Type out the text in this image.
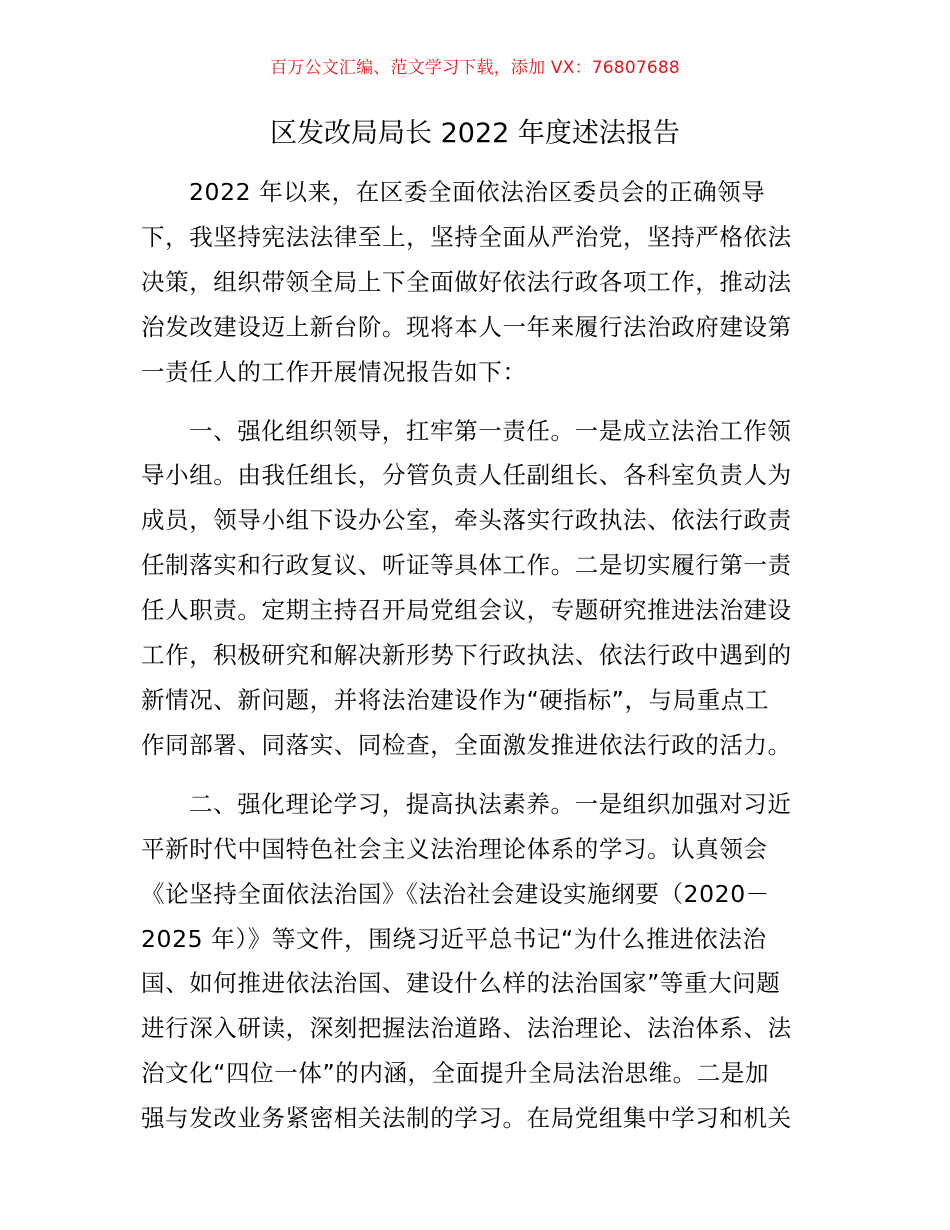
百万公文汇编、范文学习下载，添加 VX：76807688
区发改局局长 2022 年度述法报告

2022 年以来，在区委全面依法治区委员会的正确领导
下，我坚持宪法法律至上，坚持全面从严治党，坚持严格依法
决策，组织带领全局上下全面做好依法行政各项工作，推动法
治发改建设迈上新台阶。现将本人一年来履行法治政府建设第
一责任人的工作开展情况报告如下：

一、强化组织领导，扛牢第一责任。一是成立法治工作领
导小组。由我任组长，分管负责人任副组长、各科室负责人为
成员，领导小组下设办公室，牵头落实行政执法、依法行政责
任制落实和行政复议、听证等具体工作。二是切实履行第一责
任人职责。定期主持召开局党组会议，专题研究推进法治建设
工作，积极研究和解决新形势下行政执法、依法行政中遇到的
新情况、新问题，并将法治建设作为“硬指标”，与局重点工
作同部署、同落实、同检查，全面激发推进依法行政的活力。

二、强化理论学习，提高执法素养。一是组织加强对习近
平新时代中国特色社会主义法治理论体系的学习。认真领会
《论坚持全面依法治国》《法治社会建设实施纲要（2020－
2025 年）》等文件，围绕习近平总书记“为什么推进依法治
国、如何推进依法治国、建设什么样的法治国家”等重大问题
进行深入研读，深刻把握法治道路、法治理论、法治体系、法
治文化“四位一体”的内涵，全面提升全局法治思维。二是加
强与发改业务紧密相关法制的学习。在局党组集中学习和机关
